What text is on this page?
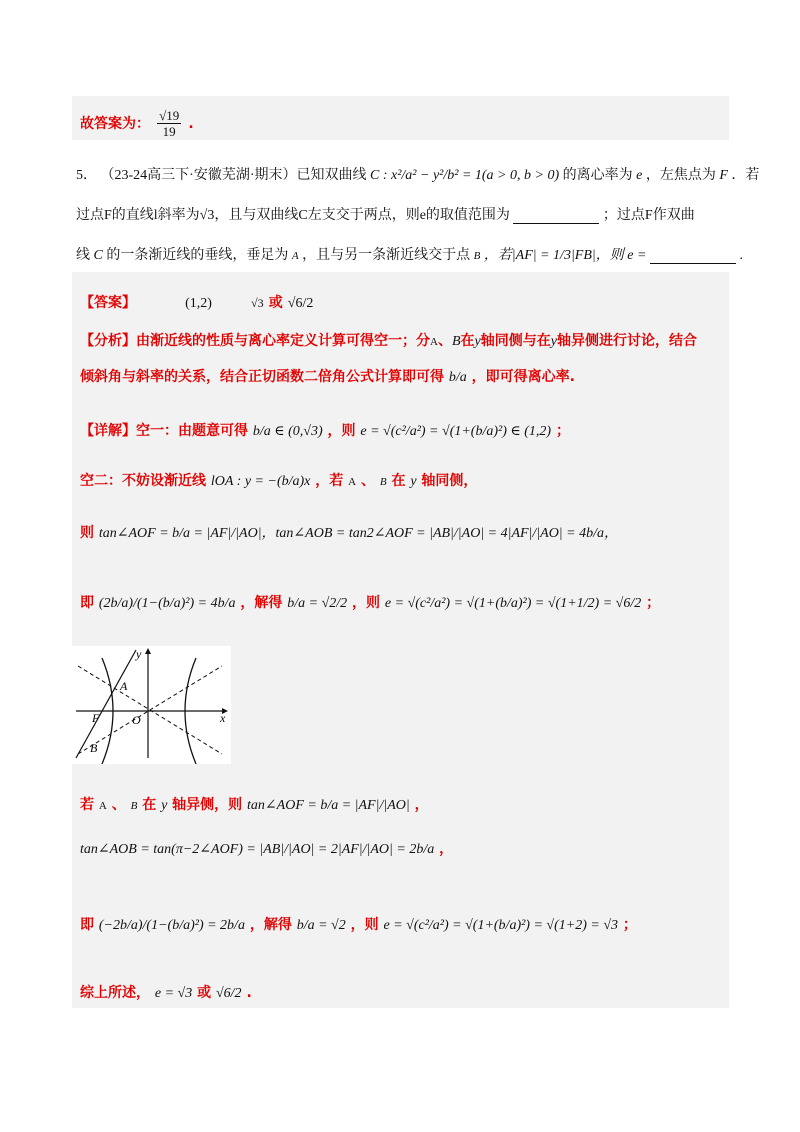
故答案为： $\frac{√19}{19}$ .
5． （23-24高三下·安徽芜湖·期末）已知双曲线 C : x²/a² − y²/b² = 1(a > 0, b > 0) 的离心率为 e ，左焦点为 F ．若
过点F的直线l斜率为√3，且与双曲线C左支交于两点，则e的取值范围为	；过点F作双曲
线 C 的一条渐近线的垂线，垂足为 A ，且与另一条渐近线交于点 B ，若|AF| = 1/3|FB|，则 e =	.
【答案】	(1,2)	√3 或 √6/2
【分析】由渐近线的性质与离心率定义计算可得空一；分A、B在y轴同侧与在y轴异侧进行讨论，结合
倾斜角与斜率的关系，结合正切函数二倍角公式计算即可得 b/a ，即可得离心率.
【详解】空一：由题意可得 b/a ∈ (0,√3) ，则 e = √(c²/a²) = √(1+(b/a)²) ∈ (1,2) ；
空二：不妨设渐近线 lOA : y = −(b/a)x ，若 A 、 B 在 y 轴同侧，
则 tan∠AOF = b/a = |AF|/|AO|，tan∠AOB = tan2∠AOF = |AB|/|AO| = 4|AF|/|AO| = 4b/a，
即 (2b/a)/(1−(b/a)²) = 4b/a ，解得 b/a = √2/2 ，则 e = √(c²/a²) = √(1+(b/a)²) = √(1+1/2) = √6/2 ；
y
x
A
F	O
B
若 A 、 B 在 y 轴异侧，则 tan∠AOF = b/a = |AF|/|AO| ，
tan∠AOB = tan(π−2∠AOF) = |AB|/|AO| = 2|AF|/|AO| = 2b/a ，
即 (−2b/a)/(1−(b/a)²) = 2b/a ，解得 b/a = √2 ，则 e = √(c²/a²) = √(1+(b/a)²) = √(1+2) = √3 ；
综上所述， e = √3 或 √6/2 .
